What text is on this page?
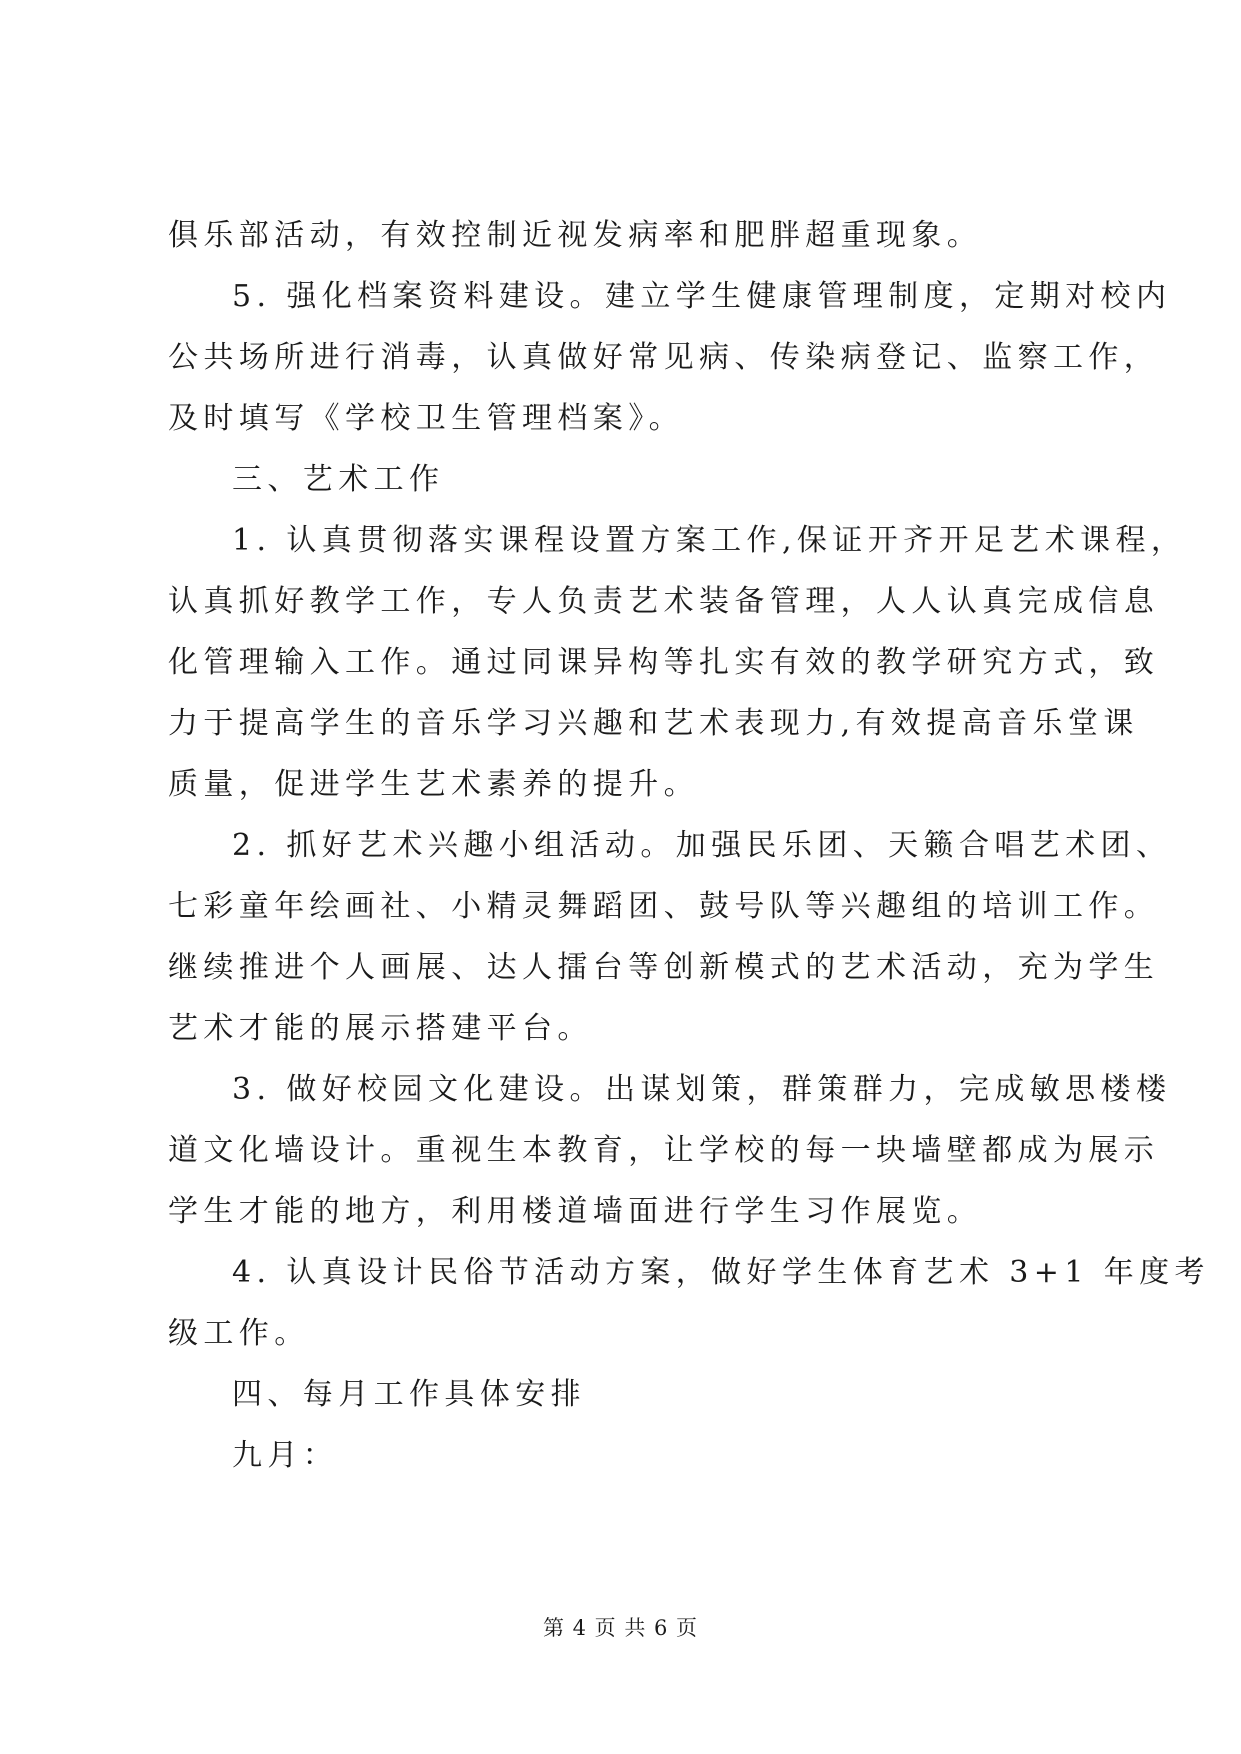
俱乐部活动，有效控制近视发病率和肥胖超重现象。
5. 强化档案资料建设。建立学生健康管理制度，定期对校内
公共场所进行消毒，认真做好常见病、传染病登记、监察工作，
及时填写《学校卫生管理档案》。
三、艺术工作
1. 认真贯彻落实课程设置方案工作,保证开齐开足艺术课程，
认真抓好教学工作，专人负责艺术装备管理，人人认真完成信息
化管理输入工作。通过同课异构等扎实有效的教学研究方式，致
力于提高学生的音乐学习兴趣和艺术表现力,有效提高音乐堂课
质量，促进学生艺术素养的提升。
2. 抓好艺术兴趣小组活动。加强民乐团、天籁合唱艺术团、
七彩童年绘画社、小精灵舞蹈团、鼓号队等兴趣组的培训工作。
继续推进个人画展、达人擂台等创新模式的艺术活动，充为学生
艺术才能的展示搭建平台。
3. 做好校园文化建设。出谋划策，群策群力，完成敏思楼楼
道文化墙设计。重视生本教育，让学校的每一块墙壁都成为展示
学生才能的地方，利用楼道墙面进行学生习作展览。
4. 认真设计民俗节活动方案，做好学生体育艺术 3+1 年度考
级工作。
四、每月工作具体安排
九月：
第 4 页 共 6 页
